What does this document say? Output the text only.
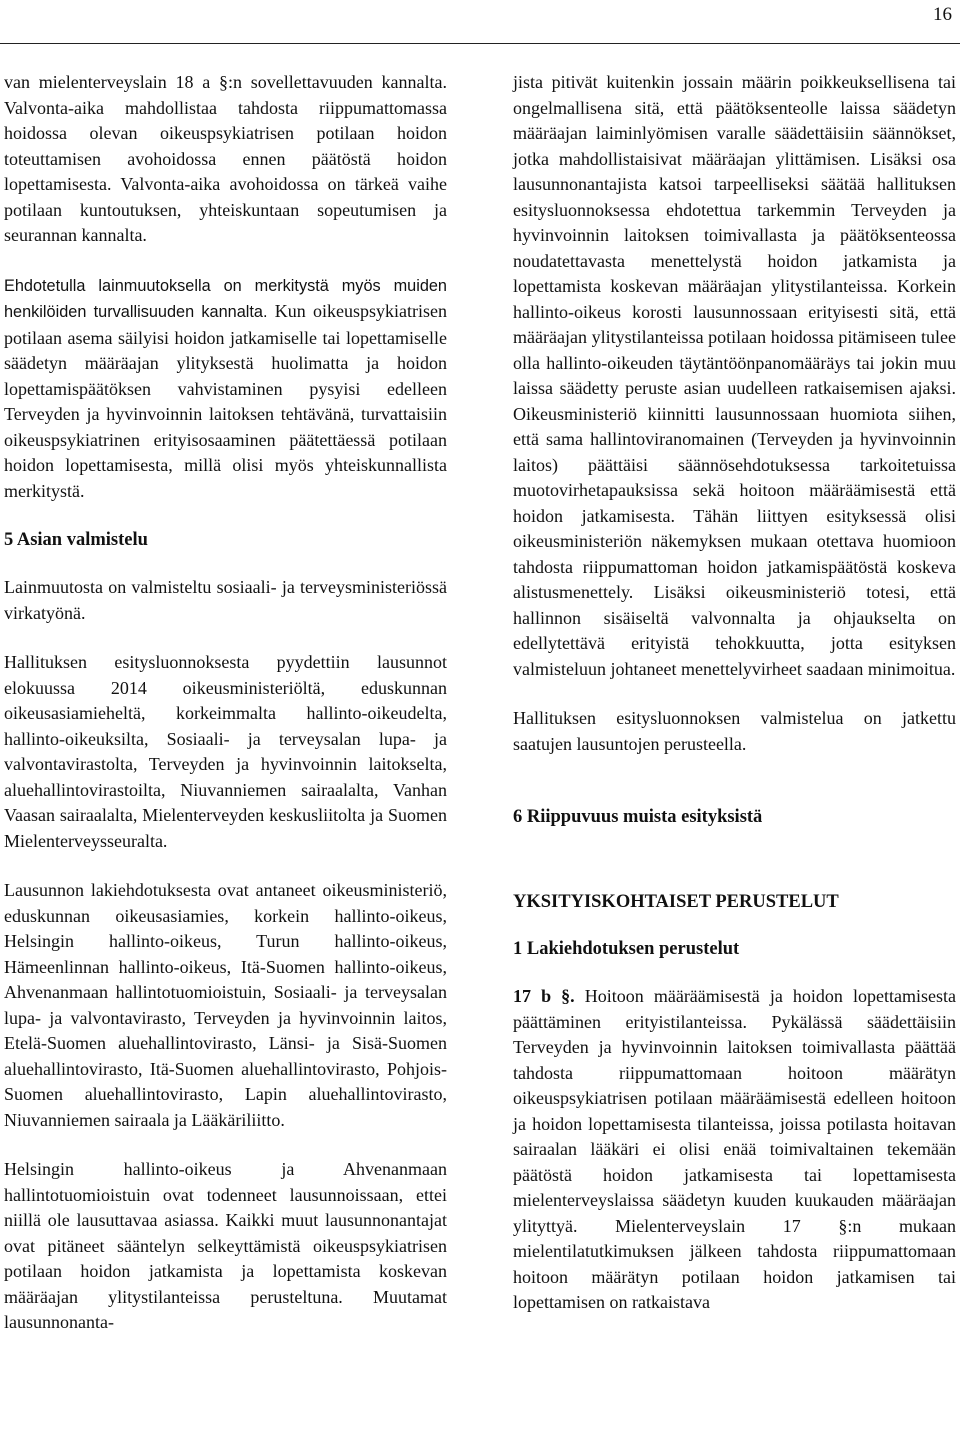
16

van mielenterveyslain 18 a §:n sovellettavuuden kannalta. Valvonta-aika mahdollistaa tahdosta riippumattomassa hoidossa olevan oikeuspsykiatrisen potilaan hoidon toteuttamisen avohoidossa ennen päätöstä hoidon lopettamisesta. Valvonta-aika avohoidossa on tärkeä vaihe potilaan kuntoutuksen, yhteiskuntaan sopeutumisen ja seurannan kannalta.

Ehdotetulla lainmuutoksella on merkitystä myös muiden henkilöiden turvallisuuden kannalta. Kun oikeuspsykiatrisen potilaan asema säilyisi hoidon jatkamiselle tai lopettamiselle säädetyn määräajan ylityksestä huolimatta ja hoidon lopettamispäätöksen vahvistaminen pysyisi edelleen Terveyden ja hyvinvoinnin laitoksen tehtävänä, turvattaisiin oikeuspsykiatrinen erityisosaaminen päätettäessä potilaan hoidon lopettamisesta, millä olisi myös yhteiskunnallista merkitystä.

5 Asian valmistelu

Lainmuutosta on valmisteltu sosiaali- ja terveysministeriössä virkatyönä.

Hallituksen esitysluonnoksesta pyydettiin lausunnot elokuussa 2014 oikeusministeriöltä, eduskunnan oikeusasiamieheltä, korkeimmalta hallinto-oikeudelta, hallinto-oikeuksilta, Sosiaali- ja terveysalan lupa- ja valvontavirastolta, Terveyden ja hyvinvoinnin laitokselta, aluehallintovirastoilta, Niuvanniemen sairaalalta, Vanhan Vaasan sairaalalta, Mielenterveyden keskusliitolta ja Suomen Mielenterveysseuralta.

Lausunnon lakiehdotuksesta ovat antaneet oikeusministeriö, eduskunnan oikeusasiamies, korkein hallinto-oikeus, Helsingin hallinto-oikeus, Turun hallinto-oikeus, Hämeenlinnan hallinto-oikeus, Itä-Suomen hallinto-oikeus, Ahvenanmaan hallintotuomioistuin, Sosiaali- ja terveysalan lupa- ja valvontavirasto, Terveyden ja hyvinvoinnin laitos, Etelä-Suomen aluehallintovirasto, Länsi- ja Sisä-Suomen aluehallintovirasto, Itä-Suomen aluehallintovirasto, Pohjois-Suomen aluehallintovirasto, Lapin aluehallintovirasto, Niuvanniemen sairaala ja Lääkäriliitto.

Helsingin hallinto-oikeus ja Ahvenanmaan hallintotuomioistuin ovat todenneet lausunnoissaan, ettei niillä ole lausuttavaa asiassa. Kaikki muut lausunnonantajat ovat pitäneet sääntelyn selkeyttämistä oikeuspsykiatrisen potilaan hoidon jatkamista ja lopettamista koskevan määräajan ylitystilanteissa perusteltuna. Muutamat lausunnonanta-

jista pitivät kuitenkin jossain määrin poikkeuksellisena tai ongelmallisena sitä, että päätöksenteolle laissa säädetyn määräajan laiminlyömisen varalle säädettäisiin säännökset, jotka mahdollistaisivat määräajan ylittämisen. Lisäksi osa lausunnonantajista katsoi tarpeelliseksi säätää hallituksen esitysluonnoksessa ehdotettua tarkemmin Terveyden ja hyvinvoinnin laitoksen toimivallasta ja päätöksenteossa noudatettavasta menettelystä hoidon jatkamista ja lopettamista koskevan määräajan ylitystilanteissa. Korkein hallinto-oikeus korosti lausunnossaan erityisesti sitä, että määräajan ylitystilanteissa potilaan hoidossa pitämiseen tulee olla hallinto-oikeuden täytäntöönpanomääräys tai jokin muu laissa säädetty peruste asian uudelleen ratkaisemisen ajaksi. Oikeusministeriö kiinnitti lausunnossaan huomiota siihen, että sama hallintoviranomainen (Terveyden ja hyvinvoinnin laitos) päättäisi säännösehdotuksessa tarkoitetuissa muotovirhetapauksissa sekä hoitoon määräämisestä että hoidon jatkamisesta. Tähän liittyen esityksessä olisi oikeusministeriön näkemyksen mukaan otettava huomioon tahdosta riippumattoman hoidon jatkamispäätöstä koskeva alistusmenettely. Lisäksi oikeusministeriö totesi, että hallinnon sisäiseltä valvonnalta ja ohjaukselta on edellytettävä erityistä tehokkuutta, jotta esityksen valmisteluun johtaneet menettelyvirheet saadaan minimoitua.

Hallituksen esitysluonnoksen valmistelua on jatkettu saatujen lausuntojen perusteella.

6 Riippuvuus muista esityksistä
YKSITYISKOHTAISET PERUSTELUT
1 Lakiehdotuksen perustelut

17 b §. Hoitoon määräämisestä ja hoidon lopettamisesta päättäminen erityistilanteissa. Pykälässä säädettäisiin Terveyden ja hyvinvoinnin laitoksen toimivallasta päättää tahdosta riippumattomaan hoitoon määrätyn oikeuspsykiatrisen potilaan määräämisestä edelleen hoitoon ja hoidon lopettamisesta tilanteissa, joissa potilasta hoitavan sairaalan lääkäri ei olisi enää toimivaltainen tekemään päätöstä hoidon jatkamisesta tai lopettamisesta mielenterveyslaissa säädetyn kuuden kuukauden määräajan ylityttyä. Mielenterveyslain 17 §:n mukaan mielentilatutkimuksen jälkeen tahdosta riippumattomaan hoitoon määrätyn potilaan hoidon jatkamisen tai lopettamisen on ratkaistava
